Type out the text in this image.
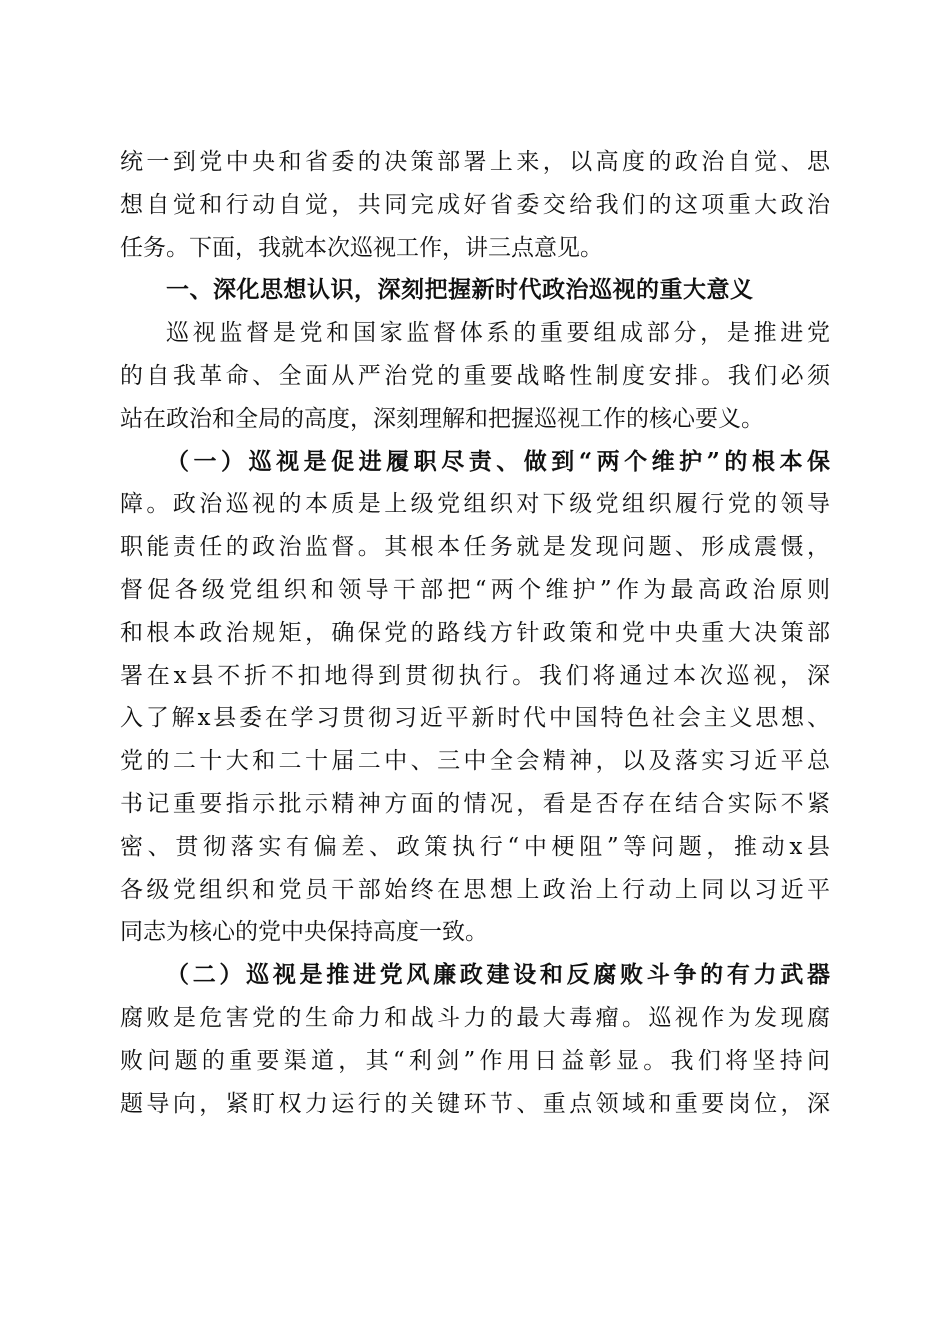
统一到党中央和省委的决策部署上来，以高度的政治自觉、思
想自觉和行动自觉，共同完成好省委交给我们的这项重大政治
任务。下面，我就本次巡视工作，讲三点意见。
一、深化思想认识，深刻把握新时代政治巡视的重大意义
巡视监督是党和国家监督体系的重要组成部分，是推进党
的自我革命、全面从严治党的重要战略性制度安排。我们必须
站在政治和全局的高度，深刻理解和把握巡视工作的核心要义。
（一）巡视是促进履职尽责、做到“两个维护”的根本保
障。政治巡视的本质是上级党组织对下级党组织履行党的领导
职能责任的政治监督。其根本任务就是发现问题、形成震慑，
督促各级党组织和领导干部把“两个维护”作为最高政治原则
和根本政治规矩，确保党的路线方针政策和党中央重大决策部
署在x县不折不扣地得到贯彻执行。我们将通过本次巡视，深
入了解x县委在学习贯彻习近平新时代中国特色社会主义思想、
党的二十大和二十届二中、三中全会精神，以及落实习近平总
书记重要指示批示精神方面的情况，看是否存在结合实际不紧
密、贯彻落实有偏差、政策执行“中梗阻”等问题，推动x县
各级党组织和党员干部始终在思想上政治上行动上同以习近平
同志为核心的党中央保持高度一致。
（二）巡视是推进党风廉政建设和反腐败斗争的有力武器
腐败是危害党的生命力和战斗力的最大毒瘤。巡视作为发现腐
败问题的重要渠道，其“利剑”作用日益彰显。我们将坚持问
题导向，紧盯权力运行的关键环节、重点领域和重要岗位，深
